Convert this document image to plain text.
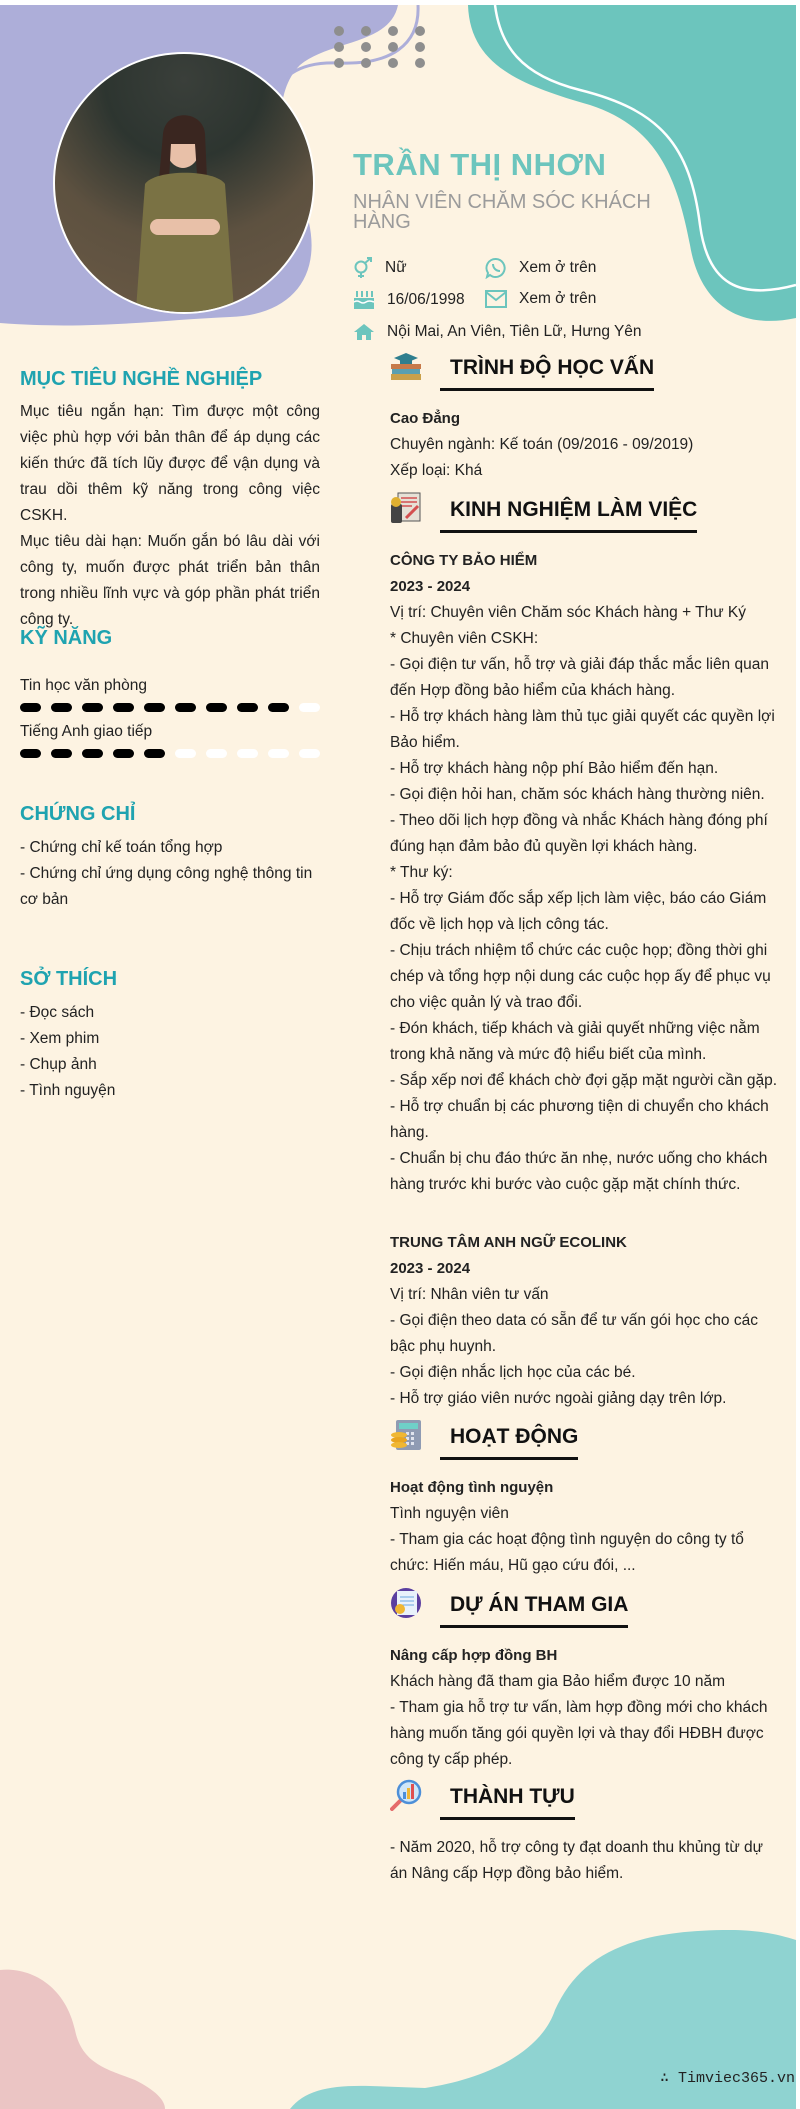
TRẦN THỊ NHƠN
NHÂN VIÊN CHĂM SÓC KHÁCH HÀNG
Nữ	Xem ở trên
16/06/1998	Xem ở trên
Nội Mai, An Viên, Tiên Lữ, Hưng Yên
MỤC TIÊU NGHỀ NGHIỆP
Mục tiêu ngắn hạn: Tìm được một công việc phù hợp với bản thân để áp dụng các kiến thức đã tích lũy được để vận dụng và trau dồi thêm kỹ năng trong công việc CSKH.
Mục tiêu dài hạn: Muốn gắn bó lâu dài với công ty, muốn được phát triển bản thân trong nhiều lĩnh vực và góp phần phát triển công ty.
KỸ NĂNG
Tin học văn phòng
Tiếng Anh giao tiếp
CHỨNG CHỈ
- Chứng chỉ kế toán tổng hợp
- Chứng chỉ ứng dụng công nghệ thông tin cơ bản
SỞ THÍCH
- Đọc sách
- Xem phim
- Chụp ảnh
- Tình nguyện
TRÌNH ĐỘ HỌC VẤN
Cao Đẳng
Chuyên ngành: Kế toán (09/2016 - 09/2019)
Xếp loại: Khá
KINH NGHIỆM LÀM VIỆC
CÔNG TY BẢO HIỂM
2023 - 2024
Vị trí: Chuyên viên Chăm sóc Khách hàng + Thư Ký
* Chuyên viên CSKH:
- Gọi điện tư vấn, hỗ trợ và giải đáp thắc mắc liên quan đến Hợp đồng bảo hiểm của khách hàng.
- Hỗ trợ khách hàng làm thủ tục giải quyết các quyền lợi Bảo hiểm.
- Hỗ trợ khách hàng nộp phí Bảo hiểm đến hạn.
- Gọi điện hỏi han, chăm sóc khách hàng thường niên.
- Theo dõi lịch hợp đồng và nhắc Khách hàng đóng phí đúng hạn đảm bảo đủ quyền lợi khách hàng.
* Thư ký:
- Hỗ trợ Giám đốc sắp xếp lịch làm việc, báo cáo Giám đốc về lịch họp và lịch công tác.
- Chịu trách nhiệm tổ chức các cuộc họp; đồng thời ghi chép và tổng hợp nội dung các cuộc họp ấy để phục vụ cho việc quản lý và trao đổi.
- Đón khách, tiếp khách và giải quyết những việc nằm trong khả năng và mức độ hiểu biết của mình.
- Sắp xếp nơi để khách chờ đợi gặp mặt người cần gặp.
- Hỗ trợ chuẩn bị các phương tiện di chuyển cho khách hàng.
- Chuẩn bị chu đáo thức ăn nhẹ, nước uống cho khách hàng trước khi bước vào cuộc gặp mặt chính thức.
TRUNG TÂM ANH NGỮ ECOLINK
2023 - 2024
Vị trí: Nhân viên tư vấn
- Gọi điện theo data có sẵn để tư vấn gói học cho các bậc phụ huynh.
- Gọi điện nhắc lịch học của các bé.
- Hỗ trợ giáo viên nước ngoài giảng dạy trên lớp.
HOẠT ĐỘNG
Hoạt động tình nguyện
Tình nguyện viên
- Tham gia các hoạt động tình nguyện do công ty tổ chức: Hiến máu, Hũ gạo cứu đói, ...
DỰ ÁN THAM GIA
Nâng cấp hợp đồng BH
Khách hàng đã tham gia Bảo hiểm được 10 năm
- Tham gia hỗ trợ tư vấn, làm hợp đồng mới cho khách hàng muốn tăng gói quyền lợi và thay đổi HĐBH được công ty cấp phép.
THÀNH TỰU
- Năm 2020, hỗ trợ công ty đạt doanh thu khủng từ dự án Nâng cấp Hợp đồng bảo hiểm.
∴ Timviec365.vn
